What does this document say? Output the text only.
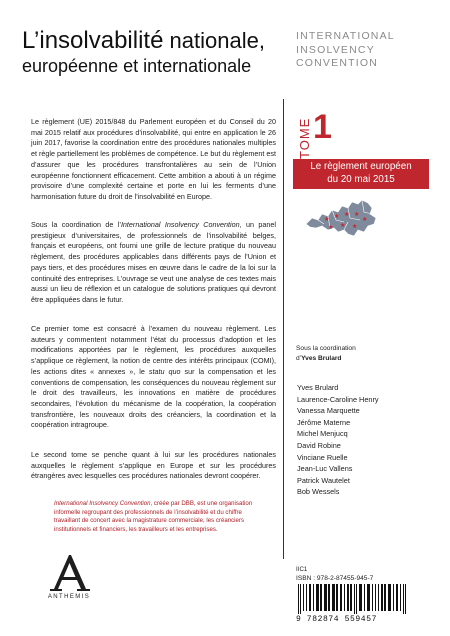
L’insolvabilité nationale,
européenne et internationale
INTERNATIONAL
INSOLVENCY
CONVENTION

Le règlement (UE) 2015/848 du Parlement européen et du Conseil du 20 mai 2015 relatif aux procédures d’insolvabilité, qui entre en application le 26 juin 2017, favorise la coordination entre des procédures nationales multiples et règle partiellement les problèmes de compétence. Le but du règlement est d’assurer que les procédures transfrontalières au sein de l’Union européenne fonctionnent efficacement. Cette ambition a abouti à un régime provisoire d’une complexité certaine et porte en lui les ferments d’une harmonisation future du droit de l’insolvabilité en Europe.

Sous la coordination de l’International Insolvency Convention, un panel prestigieux d’universitaires, de professionnels de l’insolvabilité belges, français et européens, ont fourni une grille de lecture pratique du nouveau règlement, des procédures applicables dans différents pays de l’Union et pays tiers, et des procédures mises en œuvre dans le cadre de la loi sur la continuité des entreprises. L’ouvrage se veut une analyse de ces textes mais aussi un lieu de réflexion et un catalogue de solutions pratiques qui devront être appliquées dans le futur.

Ce premier tome est consacré à l’examen du nouveau règlement. Les auteurs y commentent notamment l’état du processus d’adoption et les modifications apportées par le règlement, les procédures auxquelles s’applique ce règlement, la notion de centre des intérêts principaux (COMI), les actions dites « annexes », le statu quo sur la compensation et les conventions de compensation, les conséquences du nouveau règlement sur le droit des travailleurs, les innovations en matière de procédures secondaires, l’évolution du mécanisme de la coopération, la coopération transfrontière, les nouveaux droits des créanciers, la coordination et la coopération intragroupe.

Le second tome se penche quant à lui sur les procédures nationales auxquelles le règlement s’applique en Europe et sur les procédures étrangères avec lesquelles ces procédures nationales devront coopérer.

International Insolvency Convention, créée par DBB, est une organisation informelle regroupant des professionnels de l’insolvabilité et du chiffre travaillant de concert avec la magistrature commerciale, les créanciers institutionnels et financiers, les travailleurs et les entreprises.

TOME 1
Le règlement européen
du 20 mai 2015
★ ★ ★ ★
★
★ ★ ★
Sous la coordination
d’Yves Brulard
Yves Brulard
Laurence-Caroline Henry
Vanessa Marquette
Jérôme Materne
Michel Menjucq
David Robine
Vinciane Ruelle
Jean-Luc Vallens
Patrick Wautelet
Bob Wessels
IIC1
ISBN : 978-2-87455-945-7
9 782874 559457
ANTHEMIS
